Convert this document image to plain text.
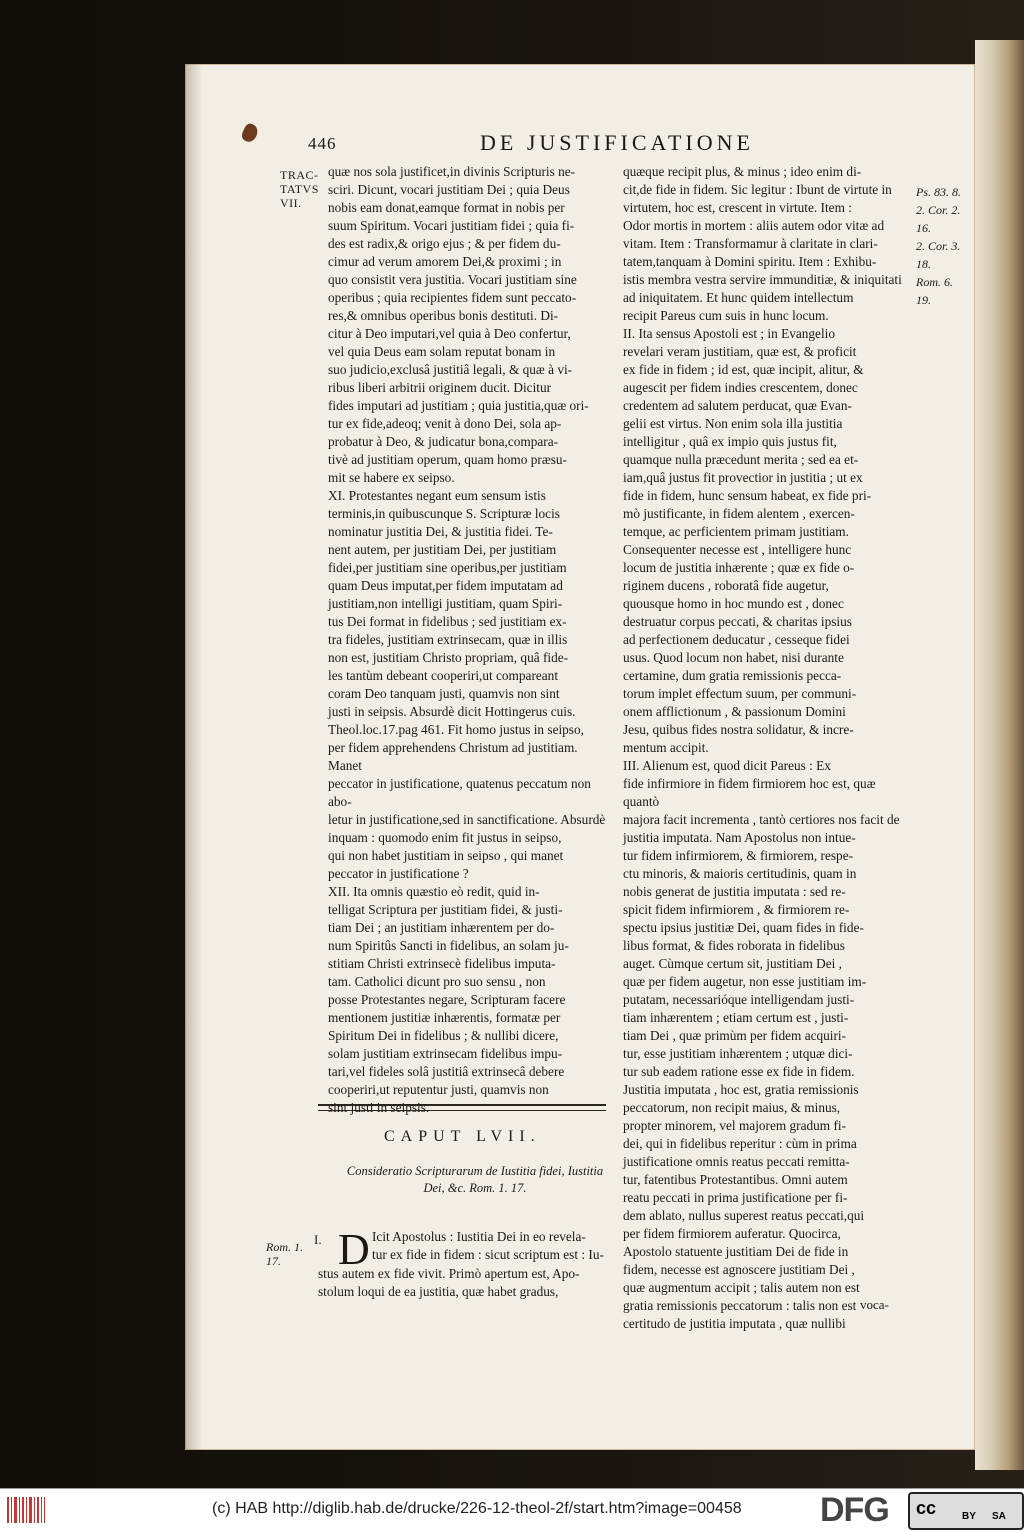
446	DE JUSTIFICATIONE
TRAC-
TATVS
VII.
quæ nos sola justificet,in divinis Scripturis ne-
sciri. Dicunt, vocari justitiam Dei ; quia Deus
nobis eam donat,eamque format in nobis per
suum Spiritum. Vocari justitiam fidei ; quia fi-
des est radix,& origo ejus ; & per fidem du-
cimur ad verum amorem Dei,& proximi ; in
quo consistit vera justitia. Vocari justitiam sine
operibus ; quia recipientes fidem sunt peccato-
res,& omnibus operibus bonis destituti. Di-
citur à Deo imputari,vel quia à Deo confertur,
vel quia Deus eam solam reputat bonam in
suo judicio,exclusâ justitiâ legali, & quæ à vi-
ribus liberi arbitrii originem ducit. Dicitur
fides imputari ad justitiam ; quia justitia,quæ ori-
tur ex fide,adeoq; venit à dono Dei, sola ap-
probatur à Deo, & judicatur bona,compara-
tivè ad justitiam operum, quam homo præsu-
mit se habere ex seipso.
XI. Protestantes negant eum sensum istis
terminis,in quibuscunque S. Scripturæ locis
nominatur justitia Dei, & justitia fidei. Te-
nent autem, per justitiam Dei, per justitiam
fidei,per justitiam sine operibus,per justitiam
quam Deus imputat,per fidem imputatam ad
justitiam,non intelligi justitiam, quam Spiri-
tus Dei format in fidelibus ; sed justitiam ex-
tra fideles, justitiam extrinsecam, quæ in illis
non est, justitiam Christo propriam, quâ fide-
les tantùm debeant cooperiri,ut compareant
coram Deo tanquam justi, quamvis non sint
justi in seipsis. Absurdè dicit Hottingerus cuis.
Theol.loc.17.pag 461. Fit homo justus in seipso,
per fidem apprehendens Christum ad justitiam. Manet
peccator in justificatione, quatenus peccatum non abo-
letur in justificatione,sed in sanctificatione. Absurdè
inquam : quomodo enim fit justus in seipso,
qui non habet justitiam in seipso , qui manet
peccator in justificatione ?
XII. Ita omnis quæstio eò redit, quid in-
telligat Scriptura per justitiam fidei, & justi-
tiam Dei ; an justitiam inhærentem per do-
num Spiritûs Sancti in fidelibus, an solam ju-
stitiam Christi extrinsecè fidelibus imputa-
tam. Catholici dicunt pro suo sensu , non
posse Protestantes negare, Scripturam facere
mentionem justitiæ inhærentis, formatæ per
Spiritum Dei in fidelibus ; & nullibi dicere,
solam justitiam extrinsecam fidelibus impu-
tari,vel fideles solâ justitiâ extrinsecâ debere
cooperiri,ut reputentur justi, quamvis non
sint justi in seipsis.
quæque recipit plus, & minus ; ideo enim di-
cit,de fide in fidem. Sic legitur : Ibunt de virtute in
virtutem, hoc est, crescent in virtute. Item :
Odor mortis in mortem : aliis autem odor vitæ ad
vitam. Item : Transformamur à claritate in clari-
tatem,tanquam à Domini spiritu. Item : Exhibu-
istis membra vestra servire immunditiæ, & iniquitati
ad iniquitatem. Et hunc quidem intellectum
recipit Pareus cum suis in hunc locum.
II. Ita sensus Apostoli est ; in Evangelio
revelari veram justitiam, quæ est, & proficit
ex fide in fidem ; id est, quæ incipit, alitur, &
augescit per fidem indies crescentem, donec
credentem ad salutem perducat, quæ Evan-
gelii est virtus. Non enim sola illa justitia
intelligitur , quâ ex impio quis justus fit,
quamque nulla præcedunt merita ; sed ea et-
iam,quâ justus fit provectior in justitia ; ut ex
fide in fidem, hunc sensum habeat, ex fide pri-
mò justificante, in fidem alentem , exercen-
temque, ac perficientem primam justitiam.
Consequenter necesse est , intelligere hunc
locum de justitia inhærente ; quæ ex fide o-
riginem ducens , roboratâ fide augetur,
quousque homo in hoc mundo est , donec
destruatur corpus peccati, & charitas ipsius
ad perfectionem deducatur , cesseque fidei
usus. Quod locum non habet, nisi durante
certamine, dum gratia remissionis pecca-
torum implet effectum suum, per communi-
onem afflictionum , & passionum Domini
Jesu, quibus fides nostra solidatur, & incre-
mentum accipit.
III. Alienum est, quod dicit Pareus : Ex
fide infirmiore in fidem firmiorem hoc est, quæ quantò
majora facit incrementa , tantò certiores nos facit de
justitia imputata. Nam Apostolus non intue-
tur fidem infirmiorem, & firmiorem, respe-
ctu minoris, & maioris certitudinis, quam in
nobis generat de justitia imputata : sed re-
spicit fidem infirmiorem , & firmiorem re-
spectu ipsius justitiæ Dei, quam fides in fide-
libus format, & fides roborata in fidelibus
auget. Cùmque certum sit, justitiam Dei ,
quæ per fidem augetur, non esse justitiam im-
putatam, necessarióque intelligendam justi-
tiam inhærentem ; etiam certum est , justi-
tiam Dei , quæ primùm per fidem acquiri-
tur, esse justitiam inhærentem ; utquæ dici-
tur sub eadem ratione esse ex fide in fidem.
Justitia imputata , hoc est, gratia remissionis
peccatorum, non recipit maius, & minus,
propter minorem, vel majorem gradum fi-
dei, qui in fidelibus reperitur : cùm in prima
justificatione omnis reatus peccati remitta-
tur, fatentibus Protestantibus. Omni autem
reatu peccati in prima justificatione per fi-
dem ablato, nullus superest reatus peccati,qui
per fidem firmiorem auferatur. Quocirca,
Apostolo statuente justitiam Dei de fide in
fidem, necesse est agnoscere justitiam Dei ,
quæ augmentum accipit ; talis autem non est
gratia remissionis peccatorum : talis non est
certitudo de justitia imputata , quæ nullibi
Ps. 83. 8.
2. Cor. 2.
16.
2. Cor. 3.
18.
Rom. 6.
19.
CAPUT LVII.
Consideratio Scripturarum de Iustitia fidei, Iustitia Dei, &c. Rom. 1. 17.
I. D Icit Apostolus : Iustitia Dei in eo revela-
tur ex fide in fidem : sicut scriptum est : Iu-
stus autem ex fide vivit. Primò apertum est, Apo-
stolum loqui de ea justitia, quæ habet gradus,
Rom. 1. 17.
voca-
(c) HAB http://diglib.hab.de/drucke/226-12-theol-2f/start.htm?image=00458 DFG cc	BY SA
